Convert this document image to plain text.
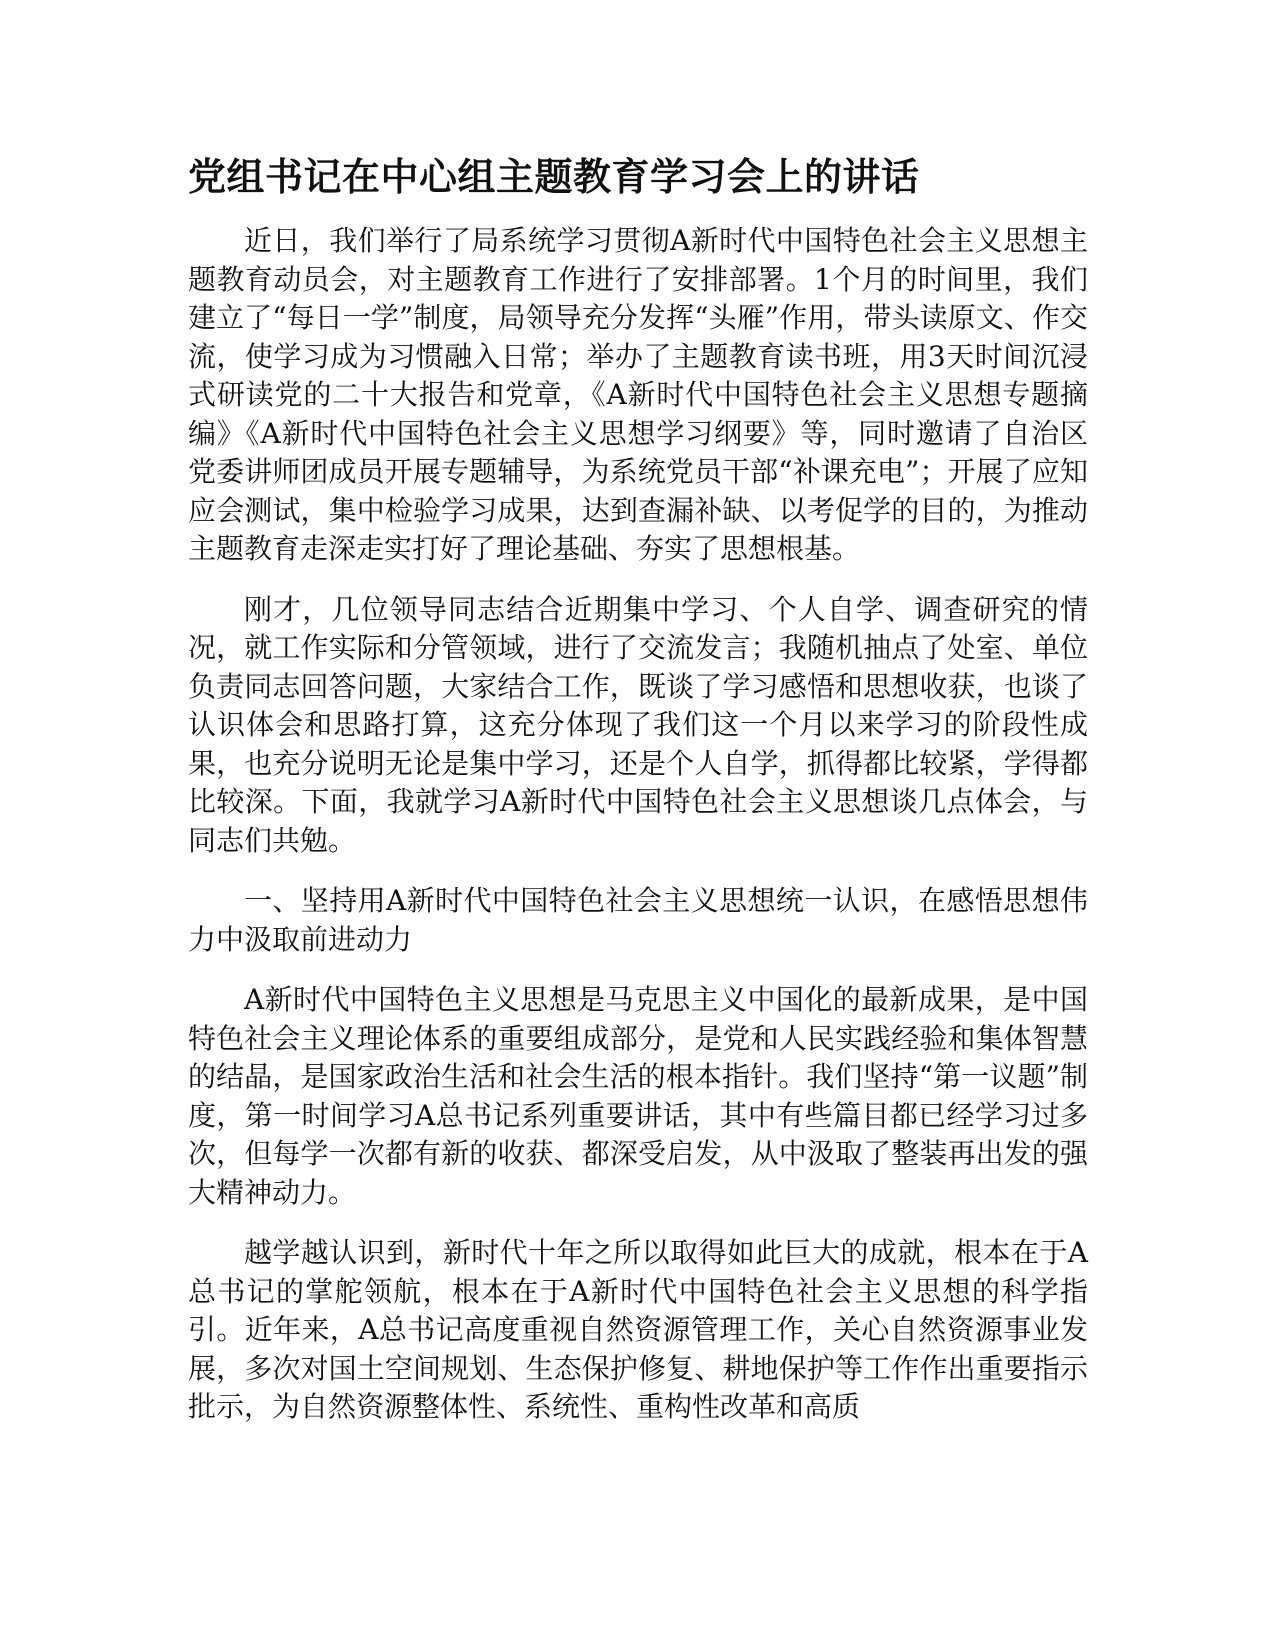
党组书记在中心组主题教育学习会上的讲话

近日，我们举行了局系统学习贯彻A新时代中国特色社会主义思想主题教育动员会，对主题教育工作进行了安排部署。1个月的时间里，我们建立了“每日一学”制度，局领导充分发挥“头雁”作用，带头读原文、作交流，使学习成为习惯融入日常；举办了主题教育读书班，用3天时间沉浸式研读党的二十大报告和党章，《A新时代中国特色社会主义思想专题摘编》《A新时代中国特色社会主义思想学习纲要》等，同时邀请了自治区党委讲师团成员开展专题辅导，为系统党员干部“补课充电”；开展了应知应会测试，集中检验学习成果，达到查漏补缺、以考促学的目的，为推动主题教育走深走实打好了理论基础、夯实了思想根基。

刚才，几位领导同志结合近期集中学习、个人自学、调查研究的情况，就工作实际和分管领域，进行了交流发言；我随机抽点了处室、单位负责同志回答问题，大家结合工作，既谈了学习感悟和思想收获，也谈了认识体会和思路打算，这充分体现了我们这一个月以来学习的阶段性成果，也充分说明无论是集中学习，还是个人自学，抓得都比较紧，学得都比较深。下面，我就学习A新时代中国特色社会主义思想谈几点体会，与同志们共勉。

一、坚持用A新时代中国特色社会主义思想统一认识，在感悟思想伟力中汲取前进动力

A新时代中国特色主义思想是马克思主义中国化的最新成果，是中国特色社会主义理论体系的重要组成部分，是党和人民实践经验和集体智慧的结晶，是国家政治生活和社会生活的根本指针。我们坚持“第一议题”制度，第一时间学习A总书记系列重要讲话，其中有些篇目都已经学习过多次，但每学一次都有新的收获、都深受启发，从中汲取了整装再出发的强大精神动力。

越学越认识到，新时代十年之所以取得如此巨大的成就，根本在于A总书记的掌舵领航，根本在于A新时代中国特色社会主义思想的科学指引。近年来，A总书记高度重视自然资源管理工作，关心自然资源事业发展，多次对国土空间规划、生态保护修复、耕地保护等工作作出重要指示批示，为自然资源整体性、系统性、重构性改革和高质
